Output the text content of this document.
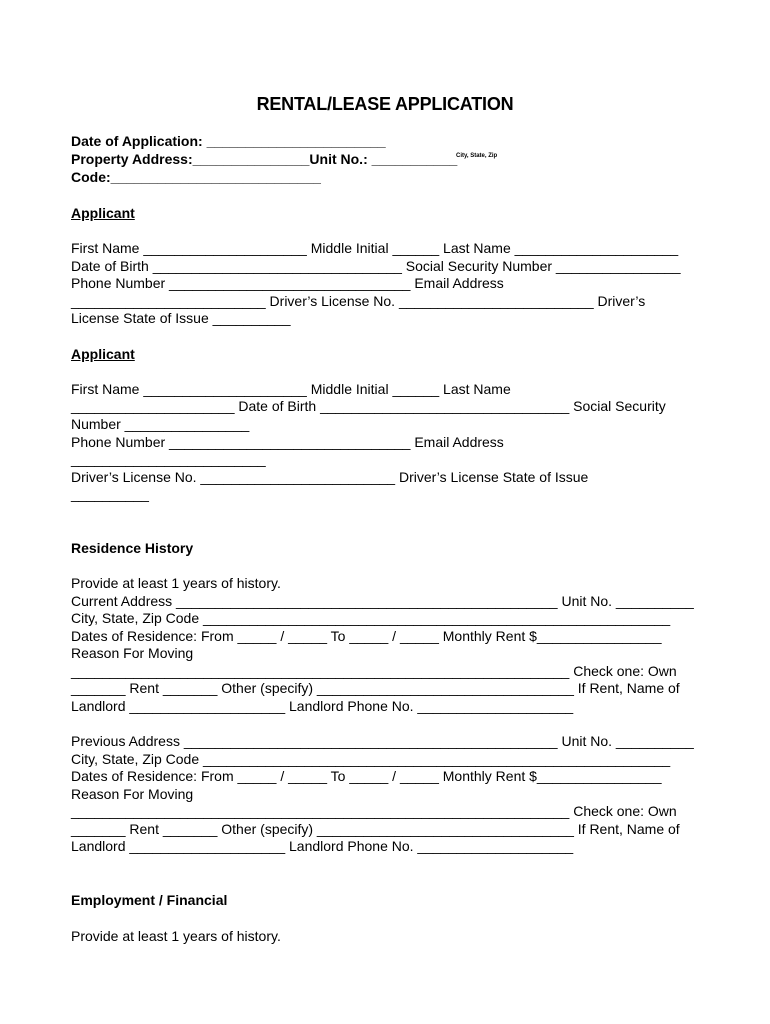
RENTAL/LEASE APPLICATION
Date of Application: _______________________
Property Address:_______________Unit No.: ___________
City, State, Zip
Code:___________________________
Applicant
First Name _____________________ Middle Initial ______ Last Name _____________________
Date of Birth ________________________________ Social Security Number ________________
Phone Number _______________________________ Email Address
_________________________ Driver’s License No. _________________________ Driver’s
License State of Issue __________
Applicant
First Name _____________________ Middle Initial ______ Last Name
_____________________ Date of Birth ________________________________ Social Security
Number ________________
Phone Number _______________________________ Email Address
_________________________
Driver’s License No. _________________________ Driver’s License State of Issue
__________
Residence History
Provide at least 1 years of history.
Current Address _________________________________________________ Unit No. __________
City, State, Zip Code ____________________________________________________________
Dates of Residence: From _____ / _____ To _____ / _____ Monthly Rent $________________
Reason For Moving
________________________________________________________________ Check one: Own
_______ Rent _______ Other (specify) _________________________________ If Rent, Name of
Landlord ____________________ Landlord Phone No. ____________________
Previous Address ________________________________________________ Unit No. __________
City, State, Zip Code ____________________________________________________________
Dates of Residence: From _____ / _____ To _____ / _____ Monthly Rent $________________
Reason For Moving
________________________________________________________________ Check one: Own
_______ Rent _______ Other (specify) _________________________________ If Rent, Name of
Landlord ____________________ Landlord Phone No. ____________________
Employment / Financial
Provide at least 1 years of history.
